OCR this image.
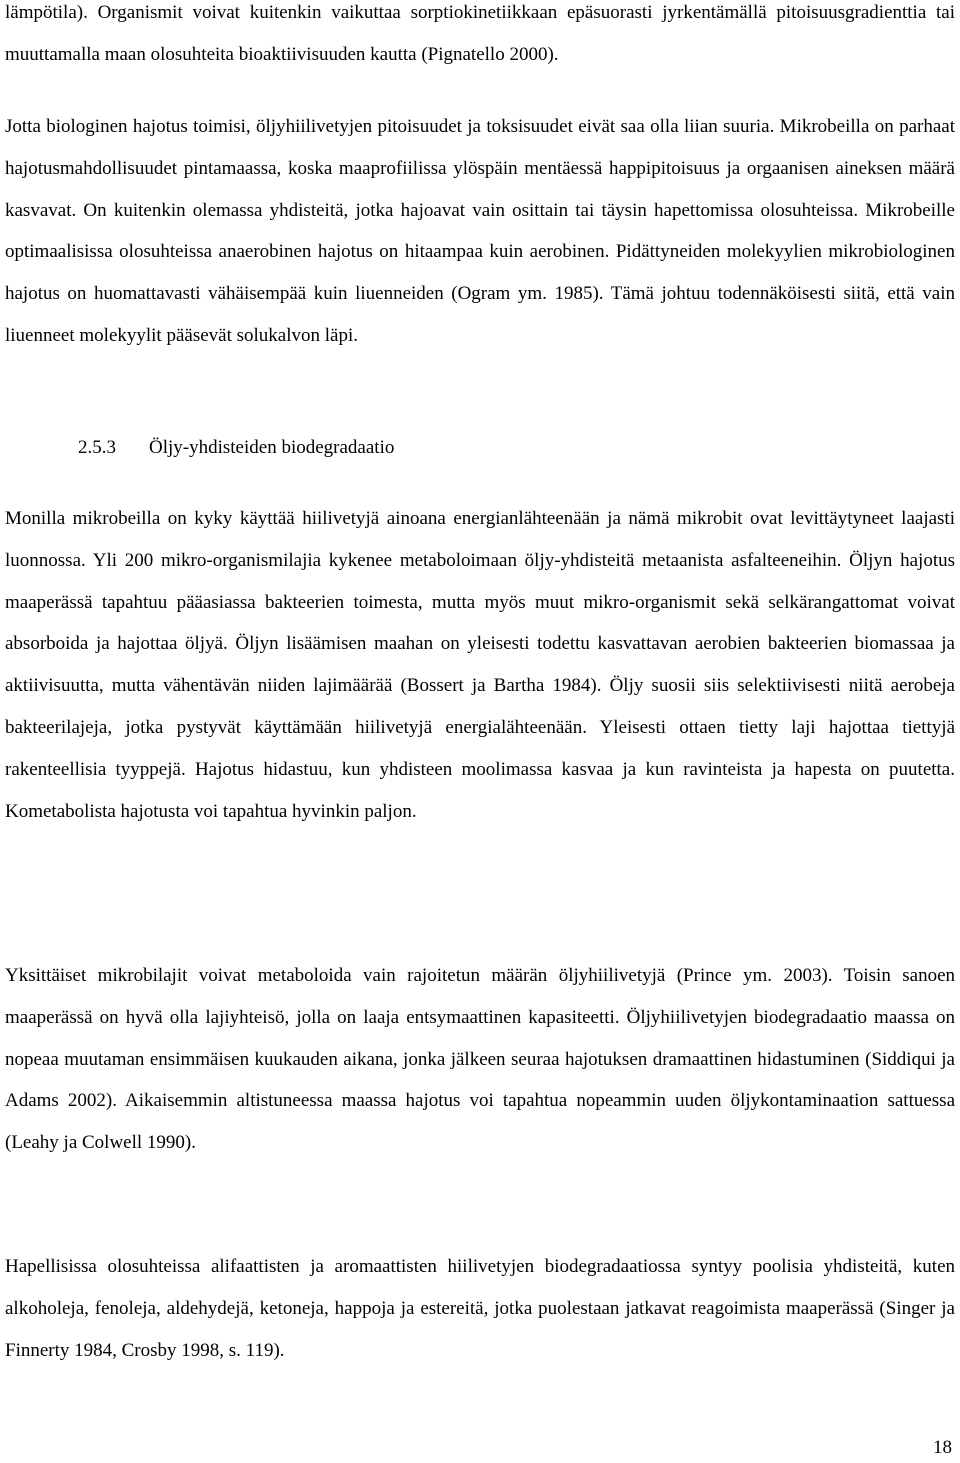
lämpötila). Organismit voivat kuitenkin vaikuttaa sorptiokinetiikkaan epäsuorasti jyrkentämällä pitoisuusgradienttia tai muuttamalla maan olosuhteita bioaktiivisuuden kautta (Pignatello 2000).

Jotta biologinen hajotus toimisi, öljyhiilivetyjen pitoisuudet ja toksisuudet eivät saa olla liian suuria. Mikrobeilla on parhaat hajotusmahdollisuudet pintamaassa, koska maaprofiilissa ylöspäin mentäessä happipitoisuus ja orgaanisen aineksen määrä kasvavat. On kuitenkin olemassa yhdisteitä, jotka hajoavat vain osittain tai täysin hapettomissa olosuhteissa. Mikrobeille optimaalisissa olosuhteissa anaerobinen hajotus on hitaampaa kuin aerobinen. Pidättyneiden molekyylien mikrobiologinen hajotus on huomattavasti vähäisempää kuin liuenneiden (Ogram ym. 1985). Tämä johtuu todennäköisesti siitä, että vain liuenneet molekyylit pääsevät solukalvon läpi.

2.5.3 Öljy-yhdisteiden biodegradaatio

Monilla mikrobeilla on kyky käyttää hiilivetyjä ainoana energianlähteenään ja nämä mikrobit ovat levittäytyneet laajasti luonnossa. Yli 200 mikro-organismilajia kykenee metaboloimaan öljy-yhdisteitä metaanista asfalteeneihin. Öljyn hajotus maaperässä tapahtuu pääasiassa bakteerien toimesta, mutta myös muut mikro-organismit sekä selkärangattomat voivat absorboida ja hajottaa öljyä. Öljyn lisäämisen maahan on yleisesti todettu kasvattavan aerobien bakteerien biomassaa ja aktiivisuutta, mutta vähentävän niiden lajimäärää (Bossert ja Bartha 1984). Öljy suosii siis selektiivisesti niitä aerobeja bakteerilajeja, jotka pystyvät käyttämään hiilivetyjä energialähteenään. Yleisesti ottaen tietty laji hajottaa tiettyjä rakenteellisia tyyppejä. Hajotus hidastuu, kun yhdisteen moolimassa kasvaa ja kun ravinteista ja hapesta on puutetta. Kometabolista hajotusta voi tapahtua hyvinkin paljon.

Yksittäiset mikrobilajit voivat metaboloida vain rajoitetun määrän öljyhiilivetyjä (Prince ym. 2003). Toisin sanoen maaperässä on hyvä olla lajiyhteisö, jolla on laaja entsymaattinen kapasiteetti. Öljyhiilivetyjen biodegradaatio maassa on nopeaa muutaman ensimmäisen kuukauden aikana, jonka jälkeen seuraa hajotuksen dramaattinen hidastuminen (Siddiqui ja Adams 2002). Aikaisemmin altistuneessa maassa hajotus voi tapahtua nopeammin uuden öljykontaminaation sattuessa (Leahy ja Colwell 1990).

Hapellisissa olosuhteissa alifaattisten ja aromaattisten hiilivetyjen biodegradaatiossa syntyy poolisia yhdisteitä, kuten alkoholeja, fenoleja, aldehydejä, ketoneja, happoja ja estereitä, jotka puolestaan jatkavat reagoimista maaperässä (Singer ja Finnerty 1984, Crosby 1998, s. 119).

18
